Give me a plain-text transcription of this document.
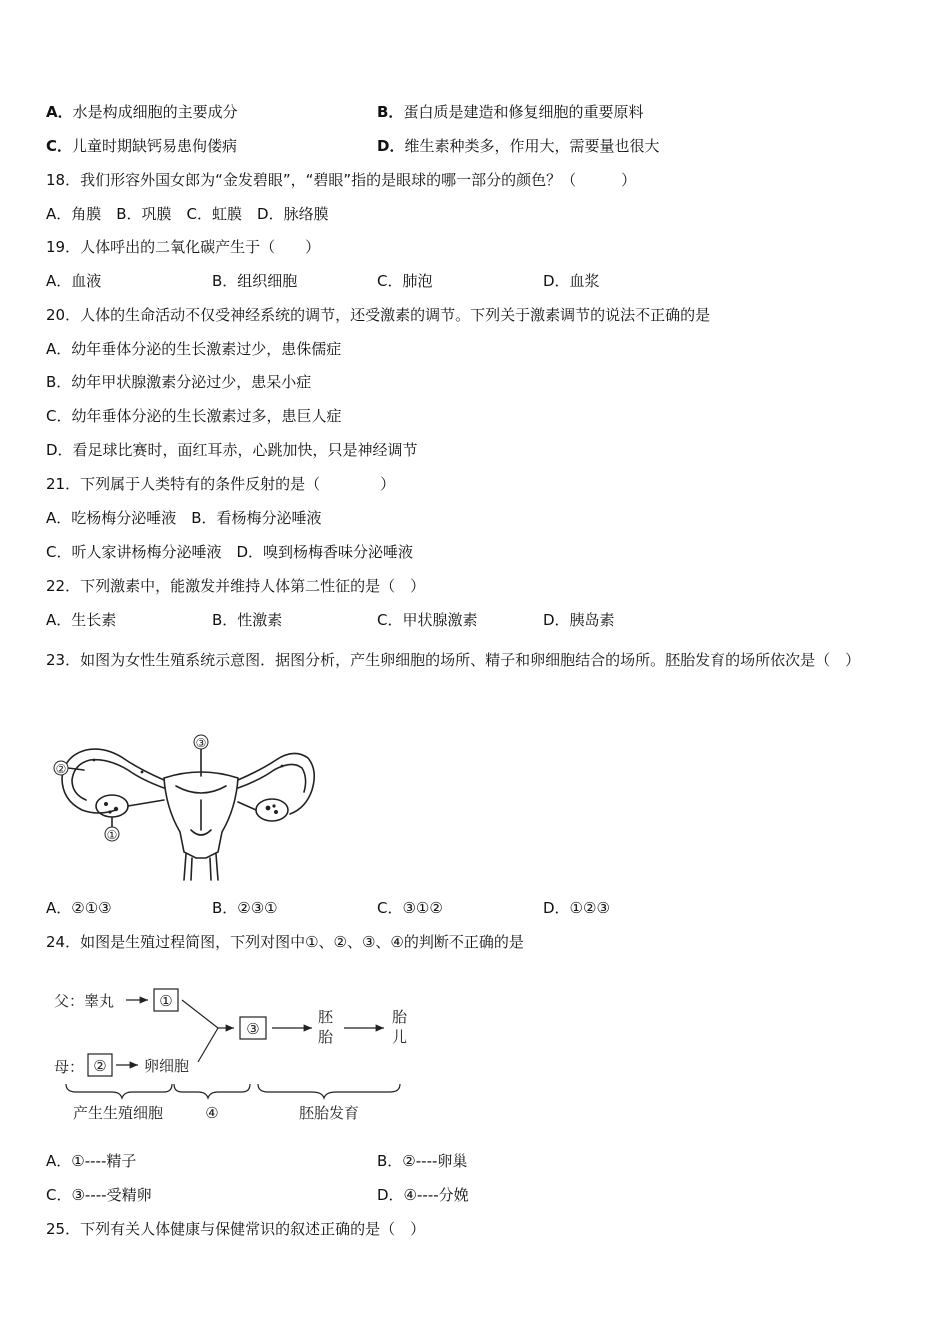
A．水是构成细胞的主要成分	B．蛋白质是建造和修复细胞的重要原料
C．儿童时期缺钙易患佝偻病	D．维生素种类多，作用大，需要量也很大
18．我们形容外国女郎为“金发碧眼”，“碧眼”指的是眼球的哪一部分的颜色？（　　　）
A．角膜　B．巩膜　C．虹膜　D．脉络膜
19．人体呼出的二氧化碳产生于（　　）
A．血液	B．组织细胞	C．肺泡	D．血浆
20．人体的生命活动不仅受神经系统的调节，还受激素的调节。下列关于激素调节的说法不正确的是
A．幼年垂体分泌的生长激素过少，患侏儒症
B．幼年甲状腺激素分泌过少，患呆小症
C．幼年垂体分泌的生长激素过多，患巨人症
D．看足球比赛时，面红耳赤，心跳加快，只是神经调节
21．下列属于人类特有的条件反射的是（　　　　）
A．吃杨梅分泌唾液　B．看杨梅分泌唾液
C．听人家讲杨梅分泌唾液　D．嗅到杨梅香味分泌唾液
22．下列激素中，能激发并维持人体第二性征的是（　）
A．生长素	B．性激素	C．甲状腺激素	D．胰岛素
23．如图为女性生殖系统示意图．据图分析，产生卵细胞的场所、精子和卵细胞结合的场所。胚胎发育的场所依次是（　）
②
③
①
A．②①③	B．②③①	C．③①②	D．①②③
24．如图是生殖过程简图，下列对图中①、②、③、④的判断不正确的是
父：睾丸	①
母： ② 卵细胞
③
胚
胎
胎
儿
产生生殖细胞	④	胚胎发育
A．①----精子	B．②----卵巢
C．③----受精卵	D．④----分娩
25．下列有关人体健康与保健常识的叙述正确的是（　）
